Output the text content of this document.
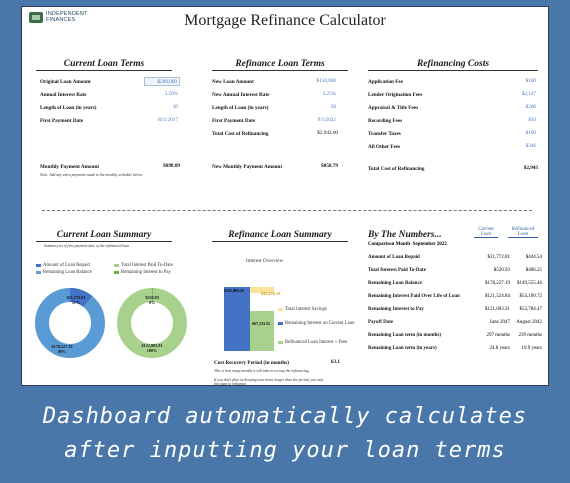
INDEPENDENT
FINANCES	Mortgage Refinance Calculator
Current Loan Terms
Original Loan Amount	$200,000
Annual Interest Rate	3.50%
Length of Loan (in years)	30
First Payment Date	10/1/2017
Monthly Payment Amount	$898.09
Note: Add any extra payments made to the monthly schedule below.
Refinance Loan Terms
New Loan Amount	$150,000
New Annual Interest Rate	3.25%
Length of Loan (in years)	20
First Payment Date	9/1/2022
Total Cost of Refinancing	$2,943.00
New Monthly Payment Amount	$850.79
Refinancing Costs
Application Fee	$100
Lender Origination Fees	$2,147
Appraisal & Title Fees	$200
Recording Fees	$50
Transfer Taxes	$100
All Other Fees	$346
Total Cost of Refinancing	$2,943
Current Loan Summary
Summary as of first payment date of the refinanced loan
Amount of Loan Repaid	Total Interest Paid To-Date
Remaining Loan Balance	Remaining Interest to Pay
$21,772.81
11%
$178,227.19
89%
$520.93
0%
$122,005.91
100%
Refinance Loan Summary
Interest Overview
$121,003.31
$67,133.52
$43,870.19
Total Interest Savings
Remaining Interest on Current Loan
Refinanced Loan Interest + Fees
Cost Recovery Period (in months)	63.1
This is how many months it will take to recoup the refinancing.
If you don't plan on keeping your home longer than the period, you may not want to refinance.
By The Numbers...
Current Loan
Refinanced Loan
Comparison Month September 2022
Amount of Loan Repaid	$21,772.81	$444.54
Total Interest Paid To-Date	$520.93	$406.25
Remaining Loan Balance	$178,227.19	$149,555.46
Remaining Interest Paid Over Life of Loan	$121,524.84	$54,190.72
Remaining Interest to Pay	$121,003.31	$53,784.47
Payoff Date	June 2047	August 2042
Remaining Loan term (in months)	297 months	239 months
Remaining Loan term (in years)	24.8 years	19.9 years
Dashboard automatically calculates
after inputting your loan terms
